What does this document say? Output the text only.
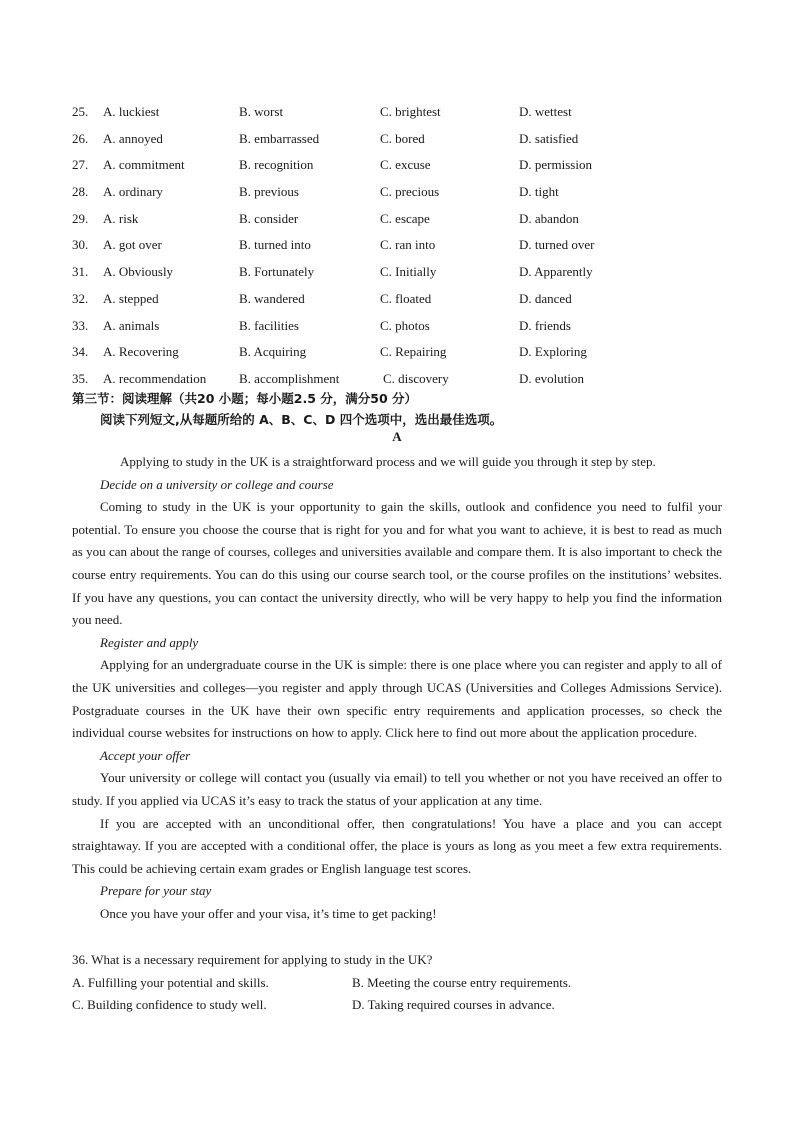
25. A. luckiest	B. worst	C. brightest	D. wettest
26. A. annoyed	B. embarrassed	C. bored	D. satisfied
27. A. commitment	B. recognition	C. excuse	D. permission
28. A. ordinary	B. previous	C. precious	D. tight
29. A. risk	B. consider	C. escape	D. abandon
30. A. got over	B. turned into	C. ran into	D. turned over
31. A. Obviously	B. Fortunately	C. Initially	D. Apparently
32. A. stepped	B. wandered	C. floated	D. danced
33. A. animals	B. facilities	C. photos	D. friends
34. A. Recovering	B. Acquiring	C. Repairing	D. Exploring
35. A. recommendation	B. accomplishment	C. discovery	D. evolution
第三节：阅读理解（共20 小题；每小题2.5 分，满分50 分）
阅读下列短文,从每题所给的 A、B、C、D 四个选项中，选出最佳选项。
A

Applying to study in the UK is a straightforward process and we will guide you through it step by step.

Decide on a university or college and course

Coming to study in the UK is your opportunity to gain the skills, outlook and confidence you need to fulfil your potential. To ensure you choose the course that is right for you and for what you want to achieve, it is best to read as much as you can about the range of courses, colleges and universities available and compare them. It is also important to check the course entry requirements. You can do this using our course search tool, or the course profiles on the institutions’ websites. If you have any questions, you can contact the university directly, who will be very happy to help you find the information you need.

Register and apply

Applying for an undergraduate course in the UK is simple: there is one place where you can register and apply to all of the UK universities and colleges—you register and apply through UCAS (Universities and Colleges Admissions Service). Postgraduate courses in the UK have their own specific entry requirements and application processes, so check the individual course websites for instructions on how to apply. Click here to find out more about the application procedure.

Accept your offer

Your university or college will contact you (usually via email) to tell you whether or not you have received an offer to study. If you applied via UCAS it’s easy to track the status of your application at any time.

If you are accepted with an unconditional offer, then congratulations! You have a place and you can accept straightaway. If you are accepted with a conditional offer, the place is yours as long as you meet a few extra requirements. This could be achieving certain exam grades or English language test scores.

Prepare for your stay

Once you have your offer and your visa, it’s time to get packing!

36. What is a necessary requirement for applying to study in the UK?
A. Fulfilling your potential and skills.	B. Meeting the course entry requirements.
C. Building confidence to study well.	D. Taking required courses in advance.
